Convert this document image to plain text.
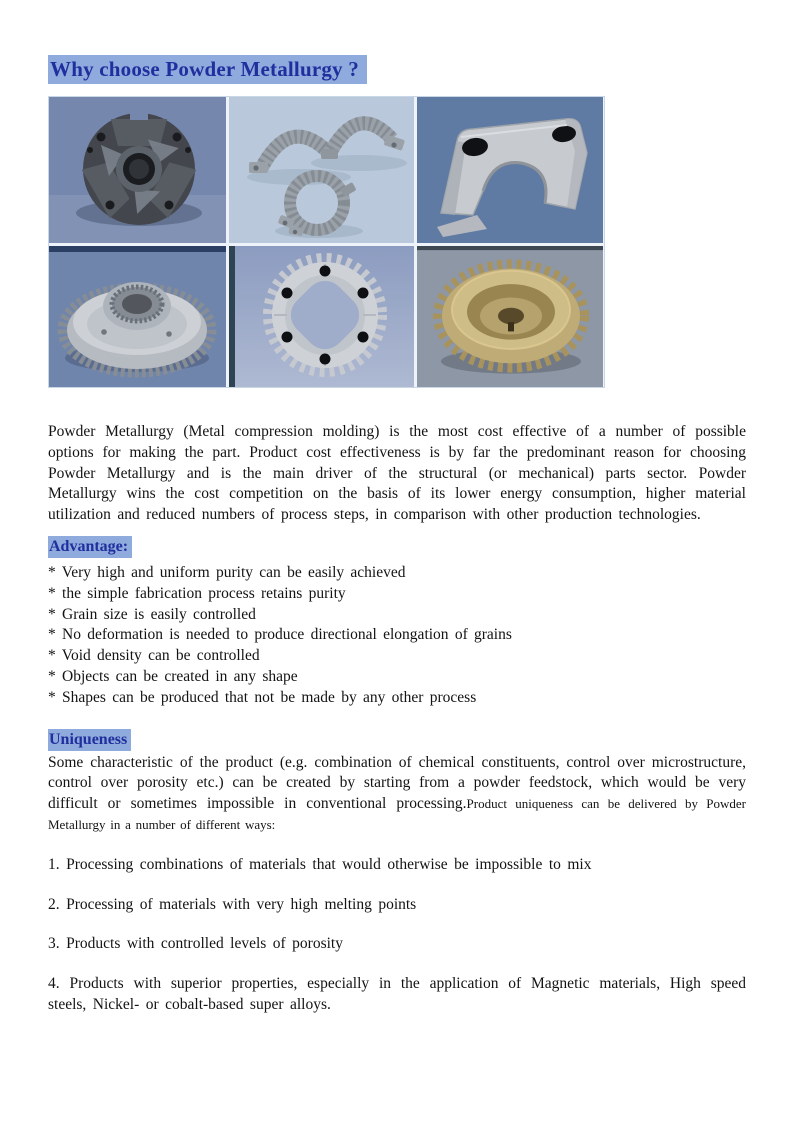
Why choose Powder Metallurgy ?

Powder Metallurgy (Metal compression molding) is the most cost effective of a number of possible options for making the part. Product cost effectiveness is by far the predominant reason for choosing Powder Metallurgy and is the main driver of the structural (or mechanical) parts sector. Powder Metallurgy wins the cost competition on the basis of its lower energy consumption, higher material utilization and reduced numbers of process steps, in comparison with other production technologies.

Advantage:
* Very high and uniform purity can be easily achieved
* the simple fabrication process retains purity
* Grain size is easily controlled
* No deformation is needed to produce directional elongation of grains
* Void density can be controlled
* Objects can be created in any shape
* Shapes can be produced that not be made by any other process
Uniqueness

Some characteristic of the product (e.g. combination of chemical constituents, control over microstructure, control over porosity etc.) can be created by starting from a powder feedstock, which would be very difficult or sometimes impossible in conventional processing.Product uniqueness can be delivered by Powder Metallurgy in a number of different ways:

1. Processing combinations of materials that would otherwise be impossible to mix
2. Processing of materials with very high melting points
3. Products with controlled levels of porosity
4. Products with superior properties, especially in the application of Magnetic materials, High speed steels, Nickel- or cobalt-based super alloys.
